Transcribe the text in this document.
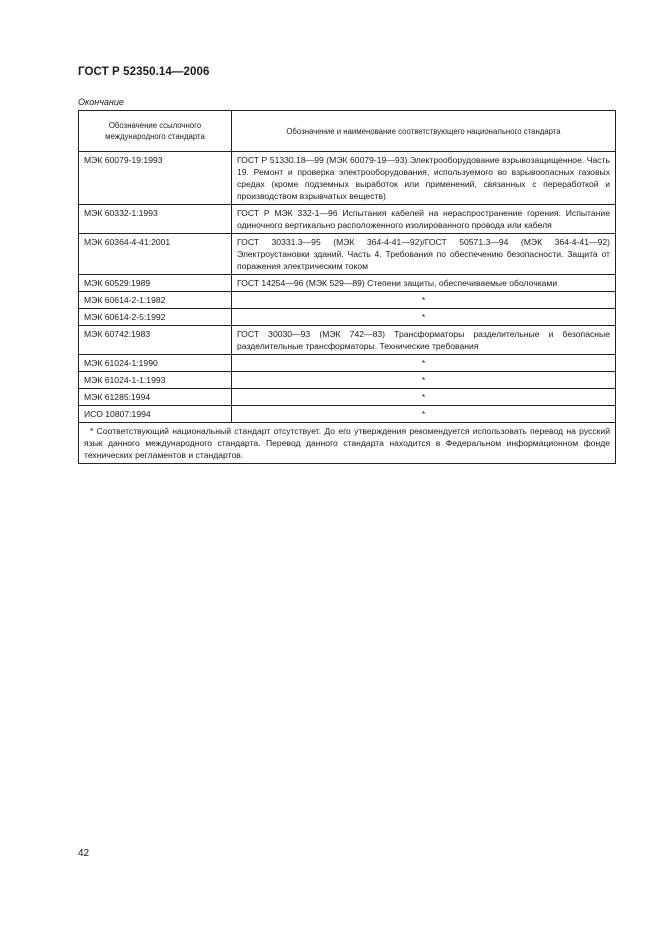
ГОСТ Р 52350.14—2006
Окончание
Обозначение ссылочного международного стандарта	Обозначение и наименование соответствующего национального стандарта
МЭК 60079-19:1993	ГОСТ Р 51330.18—99 (МЭК 60079-19—93) Электрооборудование взрывозащищенное. Часть 19. Ремонт и проверка электрооборудования, используемого во взрывоопасных газовых средах (кроме подземных выработок или применений, связанных с переработкой и производством взрывчатых веществ)
МЭК 60332-1:1993	ГОСТ Р МЭК 332-1—96 Испытания кабелей на нераспространение горения. Испытание одиночного вертикально расположенного изолированного провода или кабеля
МЭК 60364-4-41:2001	ГОСТ 30331.3—95 (МЭК 364-4-41—92)/ГОСТ 50571.3—94 (МЭК 364-4-41—92) Электроустановки зданий. Часть 4. Требования по обеспечению безопасности. Защита от поражения электрическим током
МЭК 60529:1989	ГОСТ 14254—96 (МЭК 529—89) Степени защиты, обеспечиваемые оболочками
МЭК 60614-2-1:1982	*
МЭК 60614-2-5:1992	*
МЭК 60742:1983	ГОСТ 30030—93 (МЭК 742—83) Трансформаторы разделительные и безопасные разделительные трансформаторы. Технические требования
МЭК 61024-1:1990	*
МЭК 61024-1-1:1993	*
МЭК 61285:1994	*
ИСО 10807:1994	*
* Соответствующий национальный стандарт отсутствует. До его утверждения рекомендуется использовать перевод на русский язык данного международного стандарта. Перевод данного стандарта находится в Федеральном информационном фонде технических регламентов и стандартов.	
42
